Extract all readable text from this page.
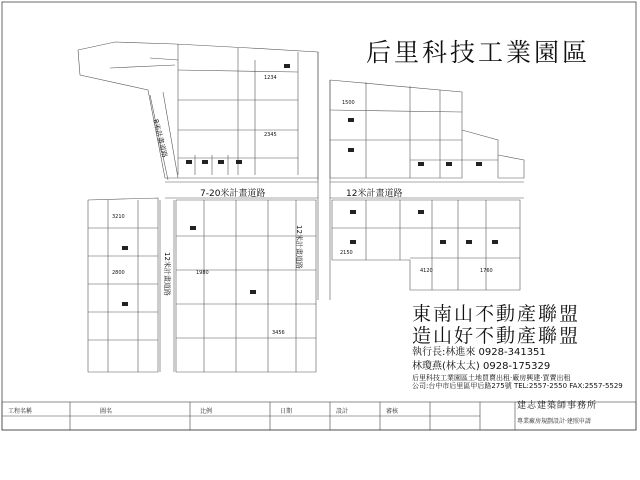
后里科技工業園區
東南山不動產聯盟
造山好不動產聯盟
執行長:林進來 0928-341351
林瓊燕(林太太) 0928-175329
后里科技工業園區土地買賣出租‧廠房興建‧買賣出租
公司:台中市后里區甲后路275號 TEL:2557-2550 FAX:2557-5529
7-20米計畫道路	12米計畫道路
12米計畫道路
12米計畫道路
8米計畫道路
1234
2345
1500
3210
2800	1980
3456
2150
4120	1760
工程名稱	圖名	比例	日期	設計	審核
建志建築師事務所
專業廠房規劃設計‧建照申請
